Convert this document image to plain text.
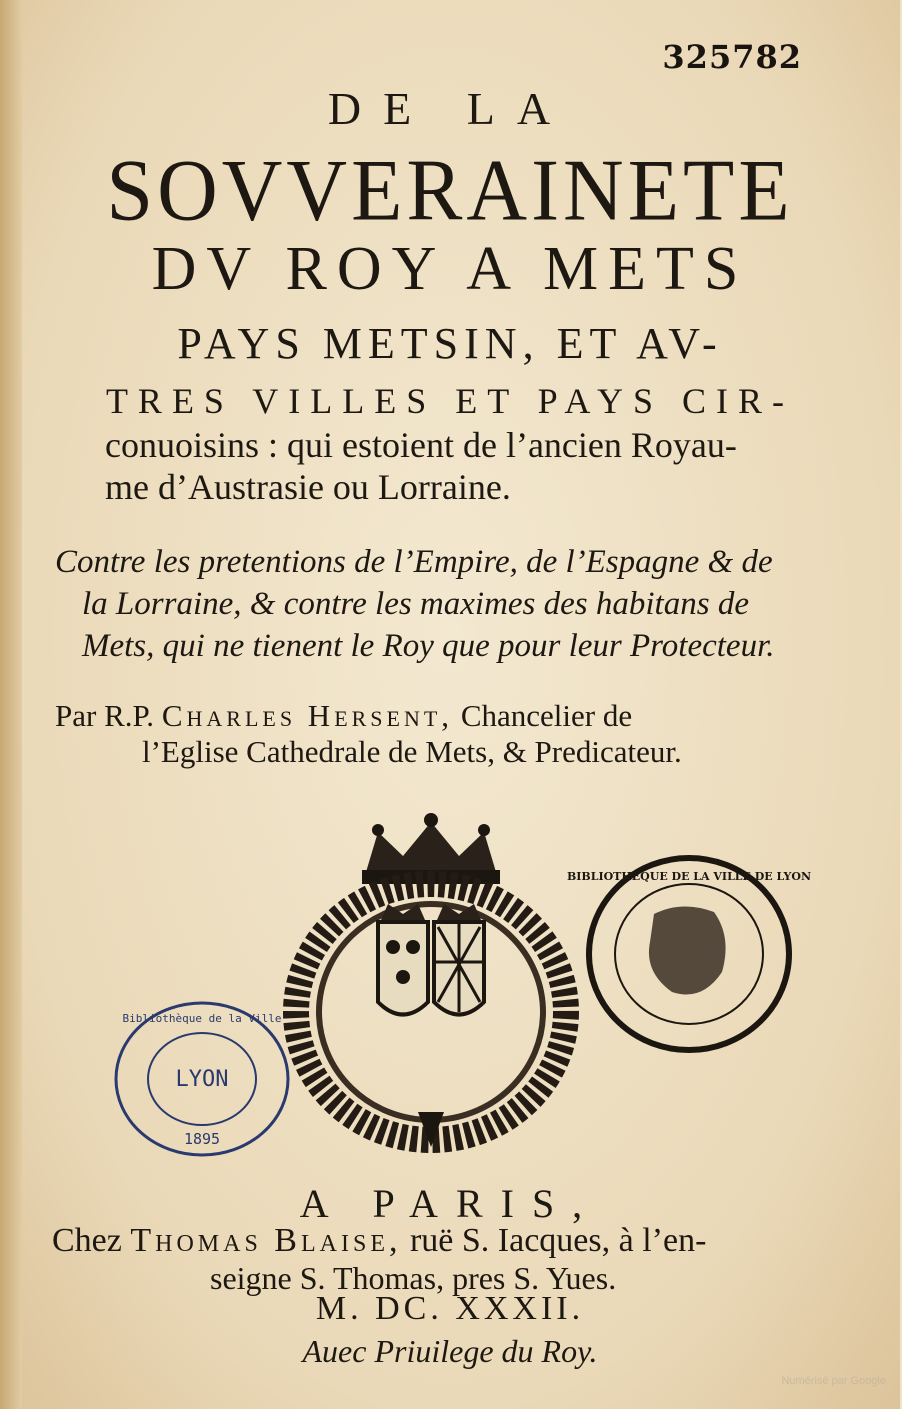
325782
DE LA
SOVVERAINETE
DV ROY A METS
PAYS METSIN, ET AV-
TRES VILLES ET PAYS CIR-
conuoisins : qui estoient de l’ancien Royau-
me d’Austrasie ou Lorraine.
Contre les pretentions de l’Empire, de l’Espagne & de
la Lorraine, & contre les maximes des habitans de
Mets, qui ne tienent le Roy que pour leur Protecteur.
Par R.P. Charles Hersent, Chancelier de
l’Eglise Cathedrale de Mets, & Predicateur.
LYON
1895
Bibliothèque de la Ville
BIBLIOTHEQUE DE LA VILLE DE LYON
A PARIS,
Chez Thomas Blaise, ruë S. Iacques, à l’en-
seigne S. Thomas, pres S. Yues.
M. DC. XXXII.
Auec Priuilege du Roy.
Numérisé par Google
